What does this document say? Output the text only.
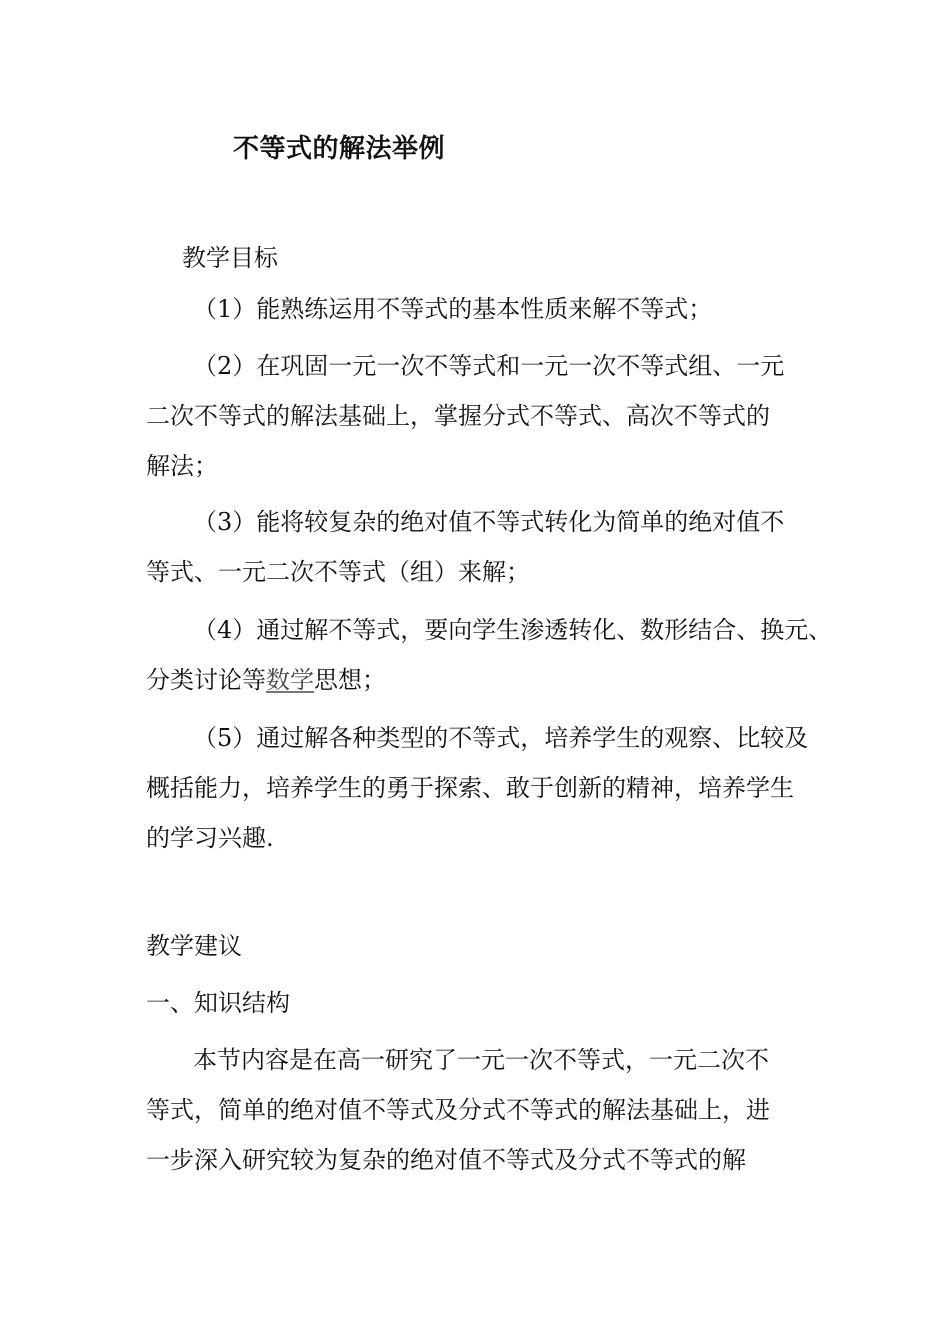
不等式的解法举例
教学目标
（1）能熟练运用不等式的基本性质来解不等式；
（2）在巩固一元一次不等式和一元一次不等式组、一元
二次不等式的解法基础上，掌握分式不等式、高次不等式的
解法；
（3）能将较复杂的绝对值不等式转化为简单的绝对值不
等式、一元二次不等式（组）来解；
（4）通过解不等式，要向学生渗透转化、数形结合、换元、
分类讨论等数学思想；
（5）通过解各种类型的不等式，培养学生的观察、比较及
概括能力，培养学生的勇于探索、敢于创新的精神，培养学生
的学习兴趣.
教学建议
一、知识结构
本节内容是在高一研究了一元一次不等式，一元二次不
等式，简单的绝对值不等式及分式不等式的解法基础上，进
一步深入研究较为复杂的绝对值不等式及分式不等式的解
